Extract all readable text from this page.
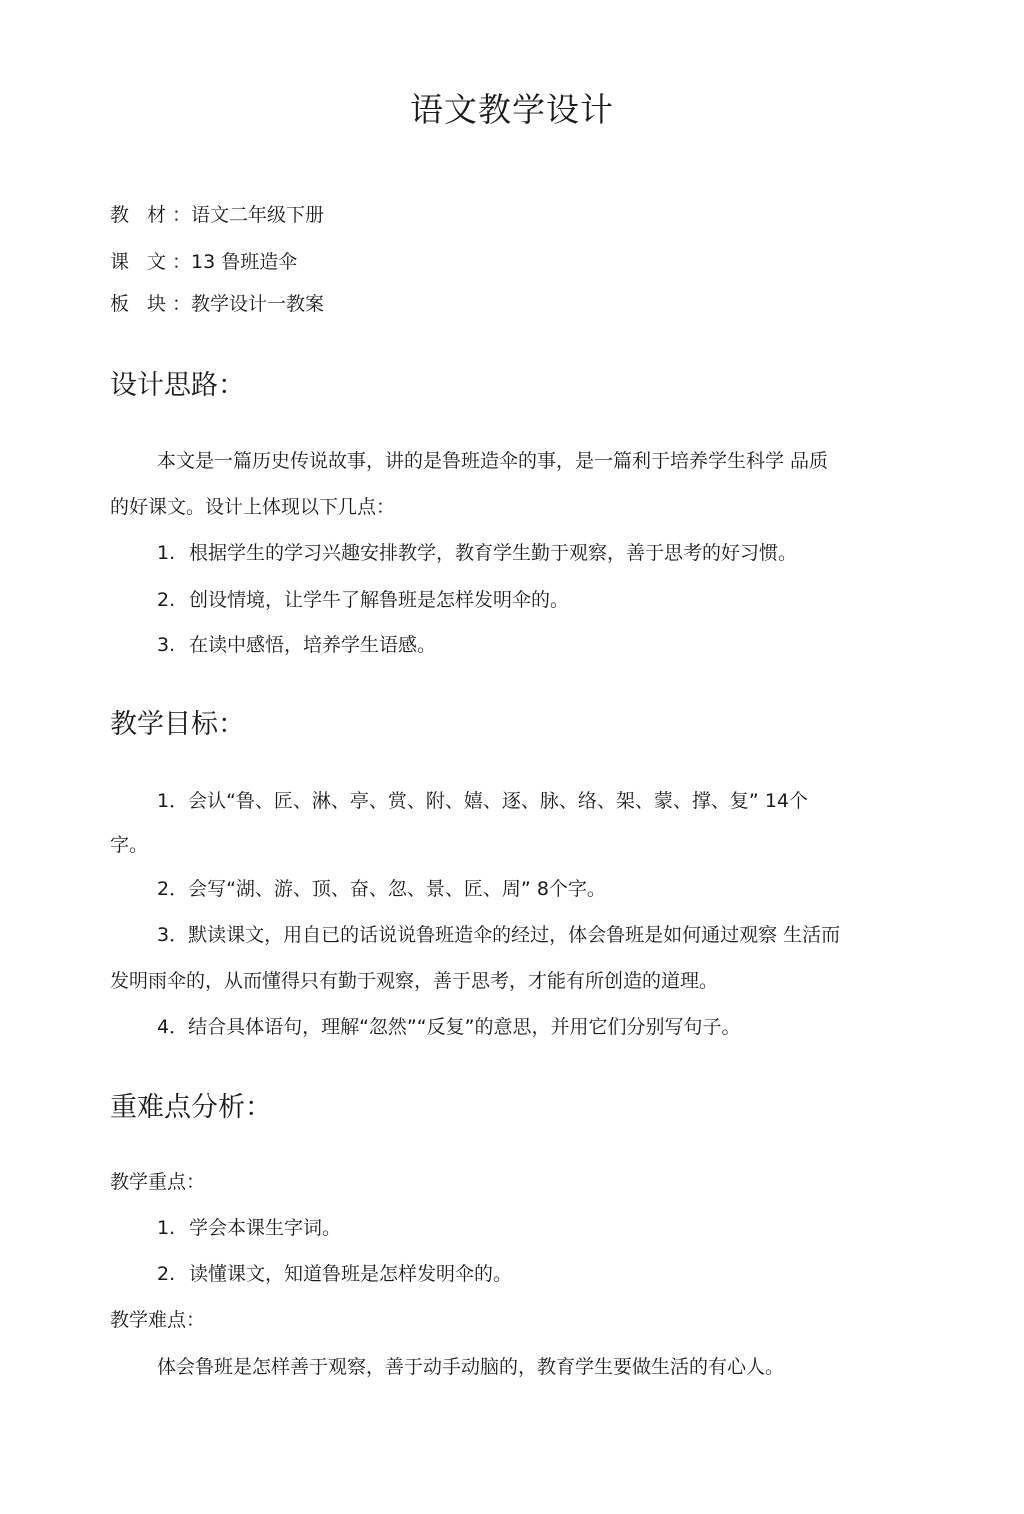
语文教学设计
教 材：语文二年级下册
课 文：13 鲁班造伞
板 块：教学设计一教案
设计思路：
本文是一篇历史传说故事，讲的是鲁班造伞的事，是一篇利于培养学生科学 品质
的好课文。设计上体现以下几点：
1. 根据学生的学习兴趣安排教学，教育学生勤于观察，善于思考的好习惯。
2. 创设情境，让学牛了解鲁班是怎样发明伞的。
3. 在读中感悟，培养学生语感。
教学目标：
1．会认“鲁、匠、淋、亭、赏、附、嬉、逐、脉、络、架、蒙、撑、复” 14个
字。
2．会写“湖、游、顶、奋、忽、景、匠、周” 8个字。
3．默读课文，用自已的话说说鲁班造伞的经过，体会鲁班是如何通过观察 生活而
发明雨伞的，从而懂得只有勤于观察，善于思考，才能有所创造的道理。
4．结合具体语句，理解“忽然”“反复”的意思，并用它们分别写句子。
重难点分析：
教学重点：
1. 学会本课生字词。
2. 读懂课文，知道鲁班是怎样发明伞的。
教学难点：
体会鲁班是怎样善于观察，善于动手动脑的，教育学生要做生活的有心人。
